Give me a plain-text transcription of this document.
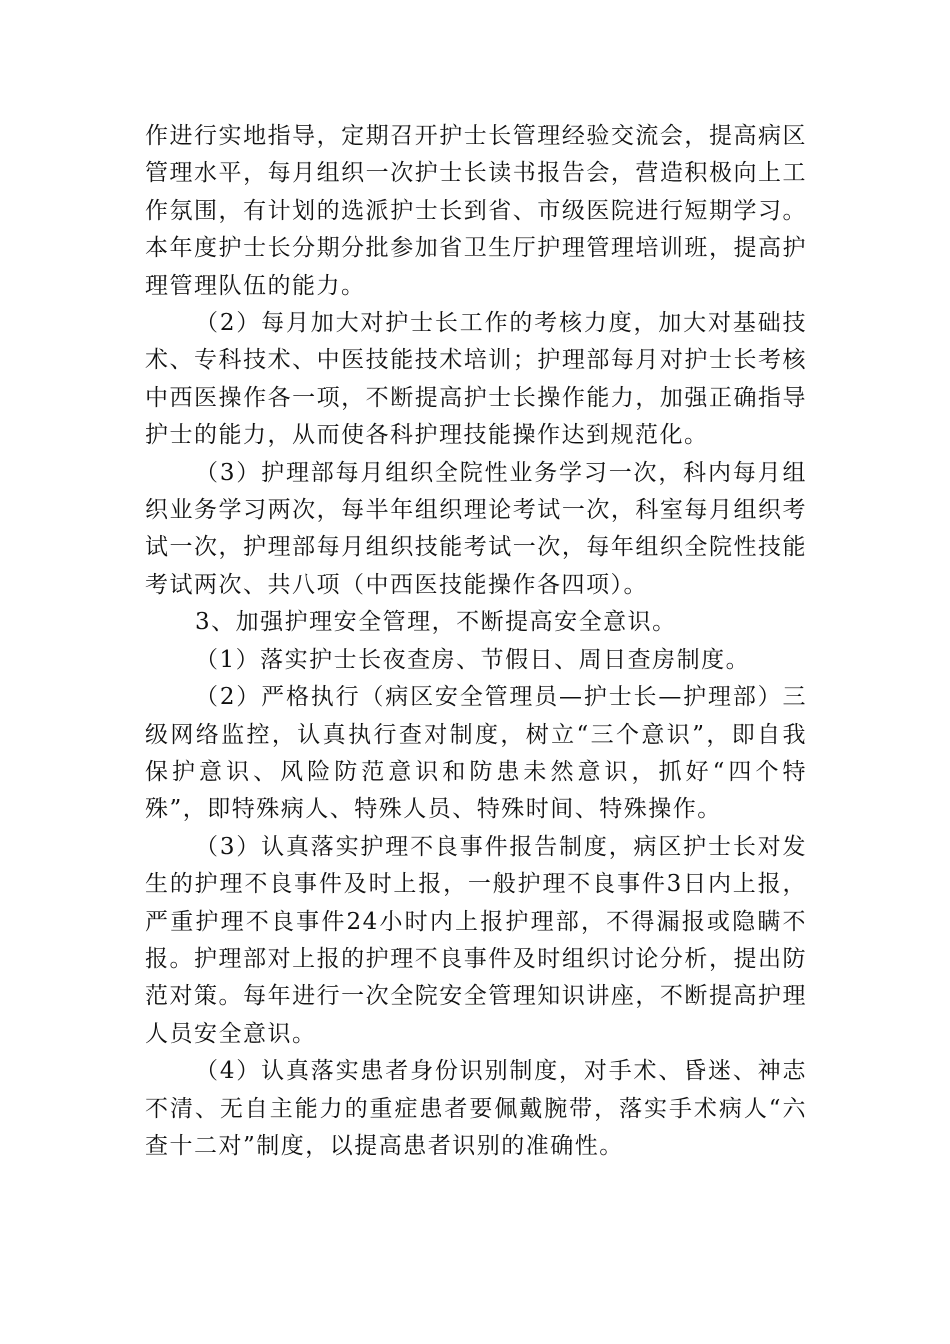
作进行实地指导，定期召开护士长管理经验交流会，提高病区管理水平，每月组织一次护士长读书报告会，营造积极向上工作氛围，有计划的选派护士长到省、市级医院进行短期学习。本年度护士长分期分批参加省卫生厅护理管理培训班，提高护理管理队伍的能力。

（2）每月加大对护士长工作的考核力度，加大对基础技术、专科技术、中医技能技术培训；护理部每月对护士长考核中西医操作各一项，不断提高护士长操作能力，加强正确指导护士的能力，从而使各科护理技能操作达到规范化。

（3）护理部每月组织全院性业务学习一次，科内每月组织业务学习两次，每半年组织理论考试一次，科室每月组织考试一次，护理部每月组织技能考试一次，每年组织全院性技能考试两次、共八项（中西医技能操作各四项）。

3、加强护理安全管理，不断提高安全意识。

（1）落实护士长夜查房、节假日、周日查房制度。

（2）严格执行（病区安全管理员—护士长—护理部）三级网络监控，认真执行查对制度，树立“三个意识”，即自我保护意识、风险防范意识和防患未然意识，抓好“四个特殊”，即特殊病人、特殊人员、特殊时间、特殊操作。

（3）认真落实护理不良事件报告制度，病区护士长对发生的护理不良事件及时上报，一般护理不良事件3日内上报，严重护理不良事件24小时内上报护理部，不得漏报或隐瞒不报。护理部对上报的护理不良事件及时组织讨论分析，提出防范对策。每年进行一次全院安全管理知识讲座，不断提高护理人员安全意识。

（4）认真落实患者身份识别制度，对手术、昏迷、神志不清、无自主能力的重症患者要佩戴腕带，落实手术病人“六查十二对”制度，以提高患者识别的准确性。
